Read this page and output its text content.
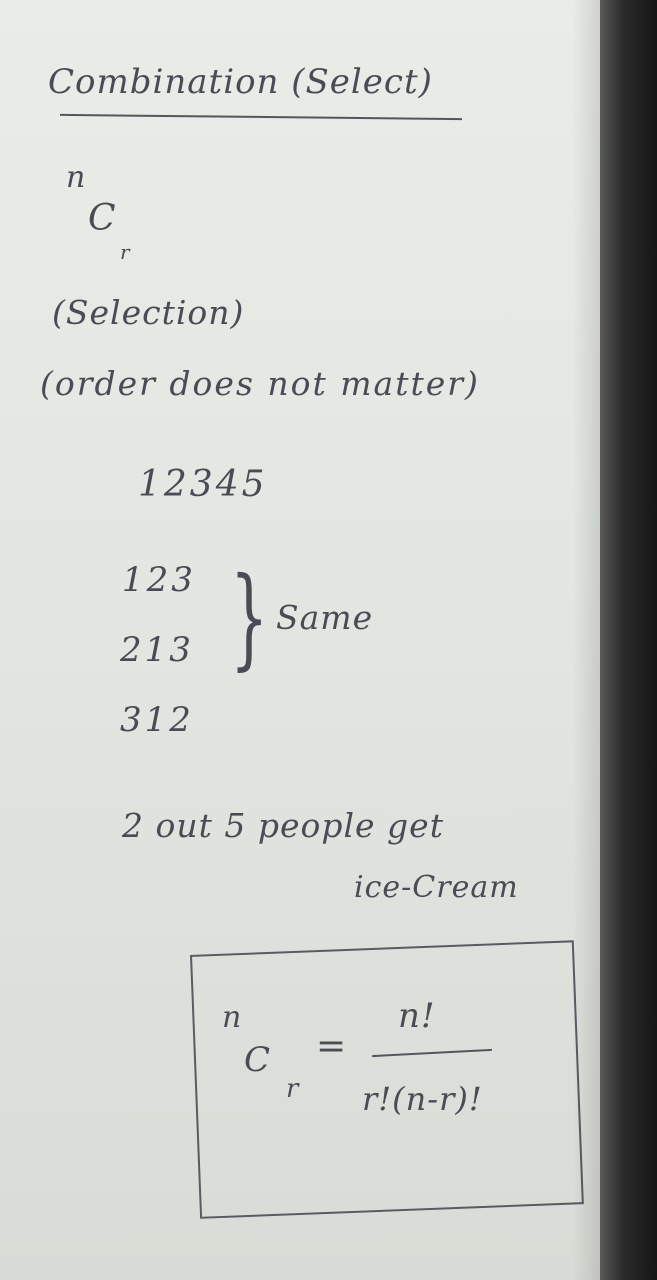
Combination (Select)
n
C
r
(Selection)
(order does not matter)
12345
123
213
312
} Same
2 out 5 people get
ice-Cream
n
C
r
=
n!
r!(n-r)!
